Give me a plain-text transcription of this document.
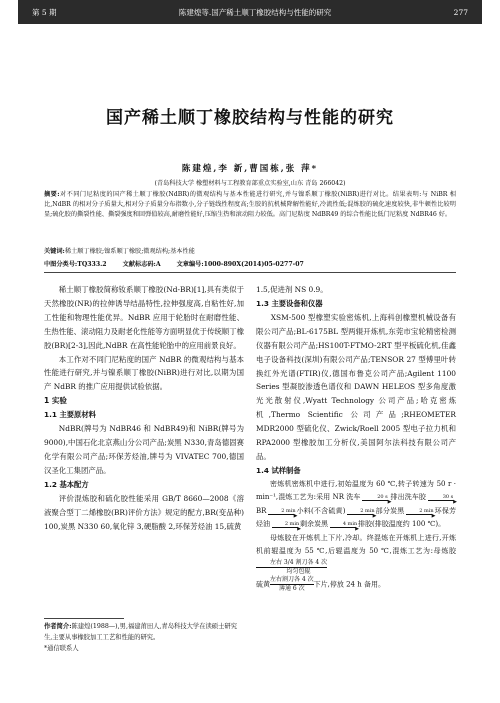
第 5 期	陈建煌等.国产稀土顺丁橡胶结构与性能的研究	277
国产稀土顺丁橡胶结构与性能的研究
陈建煌,李 新,曹国栋,张 萍*
(青岛科技大学 橡塑材料与工程教育部重点实验室,山东 青岛 266042)
摘要:对不同门尼粘度的国产稀土顺丁橡胶(NdBR)的微观结构与基本性能进行研究,并与镍系顺丁橡胶(NiBR)进行对比。结果表明:与 NiBR 相比,NdBR 的相对分子质量大,相对分子质量分布指数小,分子链线性程度高;生胶的抗机械降解性能好,冷流性低;混炼胶的硫化速度较快,非牛顿性比较明显;硫化胶的撕裂性能、撕裂强度和回弹值较高,耐磨性能好,压缩生热和滚动阻力较低。高门尼粘度 NdBR49 的综合性能比低门尼粘度 NdBR46 好。
关键词:稀土顺丁橡胶;镍系顺丁橡胶;微观结构;基本性能
中图分类号:TQ333.2	文献标志码:A	文章编号:1000-890X(2014)05-0277-07

稀土顺丁橡胶简称钕系顺丁橡胶(Nd-BR)[1],具有类似于天然橡胶(NR)的拉伸诱导结晶特性,拉伸强度高,自粘性好,加工性能和物理性能优异。NdBR 应用于轮胎时在耐磨性能、生热性能、滚动阻力及耐老化性能等方面明显优于传统顺丁橡胶(BR)[2-3],因此,NdBR 在高性能轮胎中的应用前景良好。

本工作对不同门尼粘度的国产 NdBR 的微观结构与基本性能进行研究,并与镍系顺丁橡胶(NiBR)进行对比,以期为国产 NdBR 的推广应用提供试验依据。

1 实验
1.1 主要原材料

NdBR(牌号为 NdBR46 和 NdBR49)和 NiBR(牌号为 9000),中国石化北京燕山分公司产品;炭黑 N330,青岛德固赛化学有限公司产品;环保芳烃油,牌号为 VIVATEC 700,德国汉圣化工集团产品。

1.2 基本配方

评价混炼胶和硫化胶性能采用 GB/T 8660—2008《溶液聚合型丁二烯橡胶(BR)评价方法》规定的配方,BR(变品种) 100,炭黑 N330 60,氧化锌 3,硬脂酸 2,环保芳烃油 15,硫黄

作者简介:陈建煌(1988—),男,福建莆田人,青岛科技大学在读硕士研究生,主要从事橡胶加工工艺和性能的研究。
*通信联系人

1.5,促进剂 NS 0.9。

1.3 主要设备和仪器

XSM-500 型橡塑实验密炼机,上海科创橡塑机械设备有限公司产品;BL-6175BL 型两辊开炼机,东莞市宝轮精密检测仪器有限公司产品;HS100T-FTMO-2RT 型平板硫化机,佳鑫电子设备科技(深圳)有限公司产品;TENSOR 27 型傅里叶转换红外光谱(FTIR)仪,德国布鲁克公司产品;Agilent 1100 Series 型凝胶渗透色谱仪和 DAWN HELEOS 型多角度激光光散射仪,Wyatt Technology 公司产品;哈克密炼机,Thermo Scientific 公司产品;RHEOMETER MDR2000 型硫化仪、Zwick/Roell 2005 型电子拉力机和 RPA2000 型橡胶加工分析仪,美国阿尔法科技有限公司产品。

1.4 试样制备

密炼机密炼机中进行,初始温度为 60 ℃,转子转速为 50 r · min⁻¹,混炼工艺为:采用 NR 洗车	▶ 20 s 排出洗车胶	▶ 30 sBR	▶ 2 min小料(不含硫黄)	▶ 2 min部分炭黑	▶ 2 min环保芳烃油	▶ 2 min剩余炭黑	▶ 4 min排胶(排胶温度约 100 ℃)。

母炼胶在开炼机上下片,冷却。终混炼在开炼机上进行,开炼机前辊温度为 55 ℃,后辊温度为 50 ℃,混炼工艺为:母炼胶
$\frac{\text{左右 3/4 割刀各 4 次}}{\text{均匀包辊}}$

硫黄 $\frac{\text{左右割刀各 4 次}}{\text{薄通 6 次}}$ 下片,停放 24 h 备用。
